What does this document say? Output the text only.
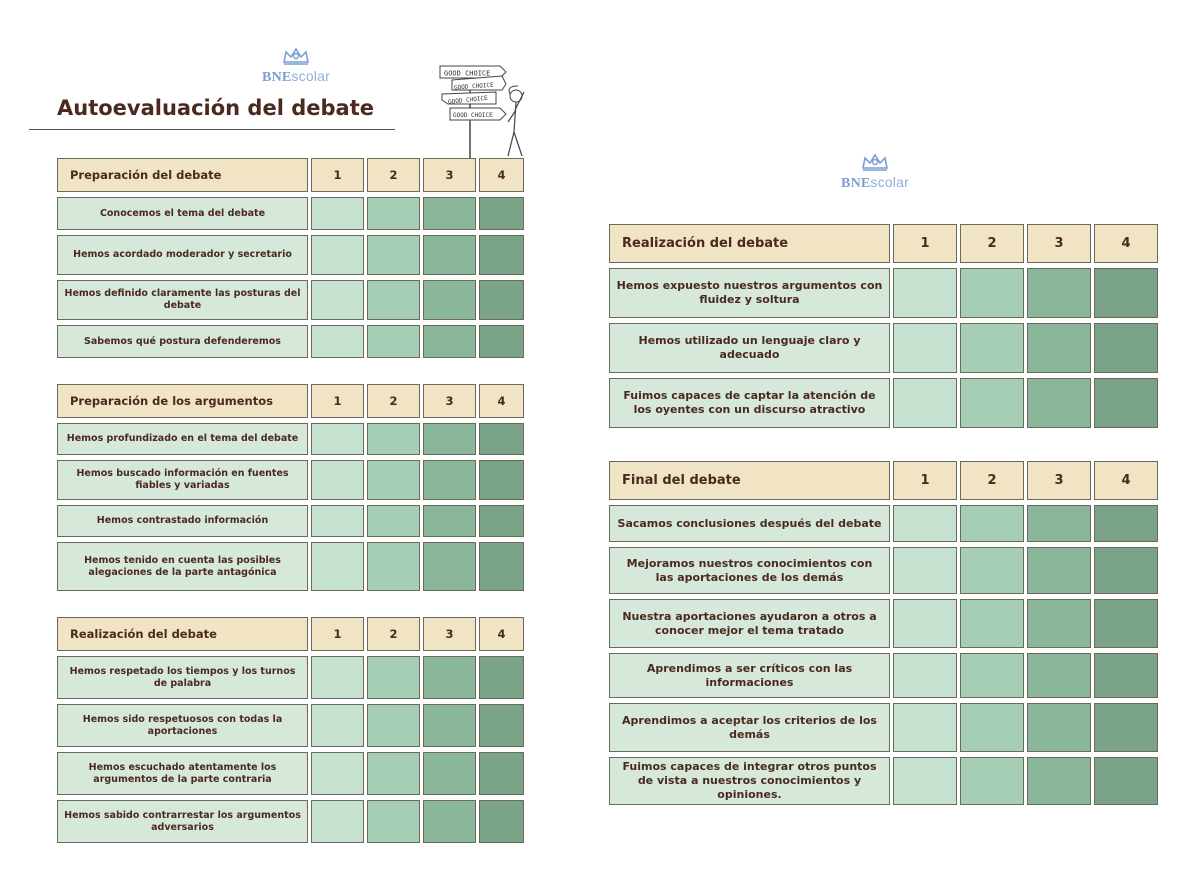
BNEscolar
Autoevaluación del debate
GOOD CHOICE
GOOD CHOICE
GOOD CHOICE
GOOD CHOICE
BNEscolar
Preparación del debate	1	2	3	4
Conocemos el tema del debate
Hemos acordado moderador y secretario
Hemos definido claramente las posturas del debate
Sabemos qué postura defenderemos
Preparación de los argumentos	1	2	3	4
Hemos profundizado en el tema del debate
Hemos buscado información en fuentes fiables y variadas
Hemos contrastado información
Hemos tenido en cuenta las posibles alegaciones de la parte antagónica
Realización del debate	1	2	3	4
Hemos respetado los tiempos y los turnos de palabra
Hemos sido respetuosos con todas la aportaciones
Hemos escuchado atentamente los argumentos de la parte contraria
Hemos sabido contrarrestar los argumentos adversarios
Realización del debate	1	2	3	4
Hemos expuesto nuestros argumentos con fluidez y soltura
Hemos utilizado un lenguaje claro y adecuado
Fuimos capaces de captar la atención de los oyentes con un discurso atractivo
Final del debate	1	2	3	4
Sacamos conclusiones después del debate
Mejoramos nuestros conocimientos con las aportaciones de los demás
Nuestra aportaciones ayudaron a otros a conocer mejor el tema tratado
Aprendimos a ser críticos con las informaciones
Aprendimos a aceptar los criterios de los demás
Fuimos capaces de integrar otros puntos de vista a nuestros conocimientos y opiniones.
